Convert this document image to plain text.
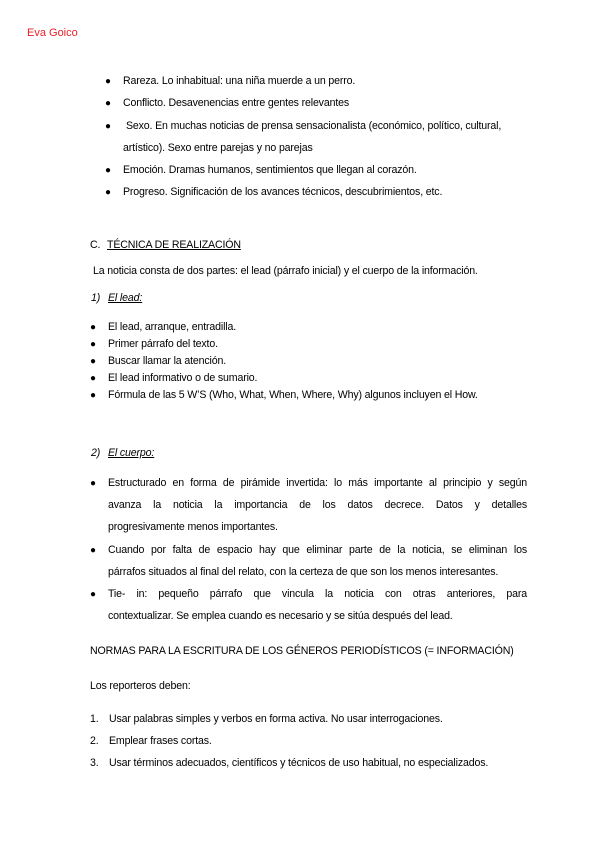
Eva Goico
● Rareza. Lo inhabitual: una niña muerde a un perro.
● Conflicto. Desavenencias entre gentes relevantes
● Sexo. En muchas noticias de prensa sensacionalista (económico, político, cultural,
artístico). Sexo entre parejas y no parejas
● Emoción. Dramas humanos, sentimientos que llegan al corazón.
● Progreso. Significación de los avances técnicos, descubrimientos, etc.
C. TÉCNICA DE REALIZACIÓN
La noticia consta de dos partes: el lead (párrafo inicial) y el cuerpo de la información.
1) El lead:
● El lead, arranque, entradilla.
● Primer párrafo del texto.
● Buscar llamar la atención.
● El lead informativo o de sumario.
● Fórmula de las 5 W’S (Who, What, When, Where, Why) algunos incluyen el How.
2) El cuerpo:
● Estructurado en forma de pirámide invertida: lo más importante al principio y según
avanza la noticia la importancia de los datos decrece. Datos y detalles
progresivamente menos importantes.
● Cuando por falta de espacio hay que eliminar parte de la noticia, se eliminan los
párrafos situados al final del relato, con la certeza de que son los menos interesantes.
● Tie- in: pequeño párrafo que vincula la noticia con otras anteriores, para
contextualizar. Se emplea cuando es necesario y se sitúa después del lead.
NORMAS PARA LA ESCRITURA DE LOS GÉNEROS PERIODÍSTICOS (= INFORMACIÓN)
Los reporteros deben:
1. Usar palabras simples y verbos en forma activa. No usar interrogaciones.
2. Emplear frases cortas.
3. Usar términos adecuados, científicos y técnicos de uso habitual, no especializados.
